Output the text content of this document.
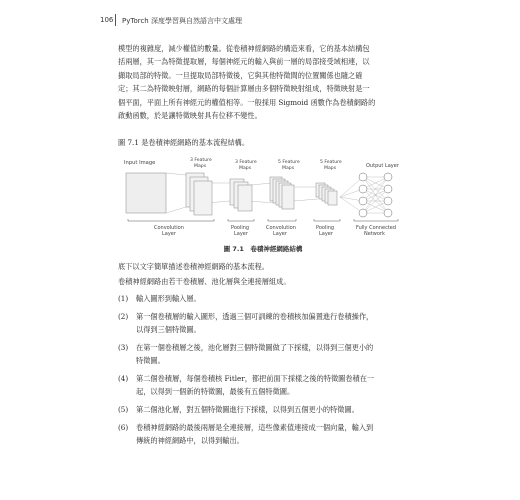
106 PyTorch 深度學習與自然語言中文處理

模型的複雜度，減少權值的數量。從卷積神經網路的構造來看，它的基本結構包

括兩層，其一為特徵提取層，每個神經元的輸入與前一層的局部接受域相連，以

擷取局部的特徵。一旦提取局部特徵後，它與其他特徵間的位置關係也隨之確

定；其二為特徵映射層，網路的每個計算層由多個特徵映射組成，特徵映射是一

個平面，平面上所有神經元的權值相等。一般採用 Sigmoid 函數作為卷積網路的

啟動函數，於是讓特徵映射具有位移不變性。

圖 7.1 是卷積神經網路的基本流程結構。
Input Image	3 Feature
Maps
3 Feature
Maps
5 Feature
Maps
5 Feature
Maps	Output Layer
Convolution
Layer
Pooling
Layer
Convolution
Layer
Pooling
Layer
Fully Connected
Network
圖 7.1　卷積神經網路結構
底下以文字簡單描述卷積神經網路的基本流程。
卷積神經網路由若干卷積層、池化層與全連接層組成。
(1) 輸入圖形到輸入層。
(2) 第一個卷積層的輸入圖形，透過三個可訓練的卷積核加偏置進行卷積操作，
以得到三個特徵圖。
(3) 在第一個卷積層之後，池化層對三個特徵圖做了下採樣，以得到三個更小的
特徵圖。
(4) 第二個卷積層，每個卷積核 Fitler，都把前面下採樣之後的特徵圖卷積在一
起，以得到一個新的特徵圖，最後有五個特徵圖。
(5) 第二個池化層，對五個特徵圖進行下採樣，以得到五個更小的特徵圖。
(6) 卷積神經網路的最後兩層是全連接層，這些像素值連接成一個向量，輸入到
傳統的神經網路中，以得到輸出。
